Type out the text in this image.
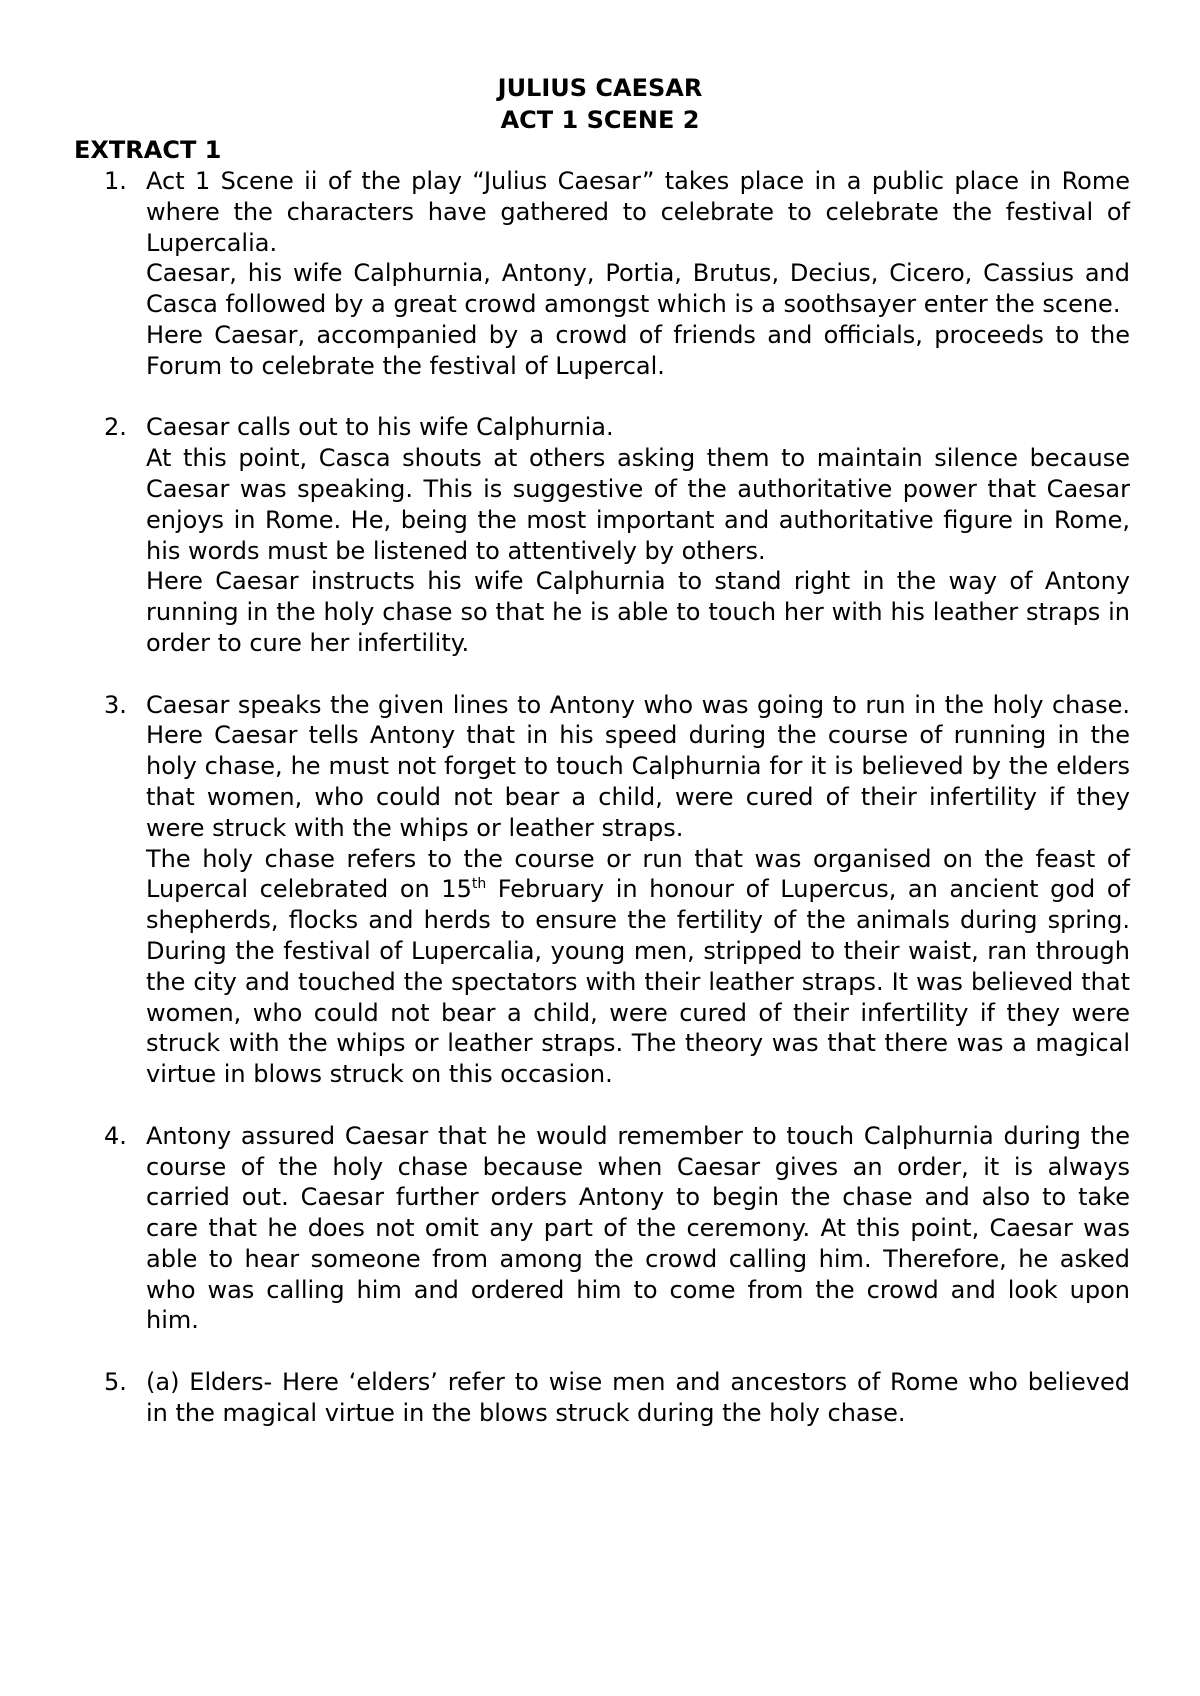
JULIUS CAESAR
ACT 1 SCENE 2
EXTRACT 1
1. Act 1 Scene ii of the play “Julius Caesar” takes place in a public place in Rome where the characters have gathered to celebrate to celebrate the festival of Lupercalia.

Caesar, his wife Calphurnia, Antony, Portia, Brutus, Decius, Cicero, Cassius and Casca followed by a great crowd amongst which is a soothsayer enter the scene.

Here Caesar, accompanied by a crowd of friends and officials, proceeds to the Forum to celebrate the festival of Lupercal.

2. Caesar calls out to his wife Calphurnia.

At this point, Casca shouts at others asking them to maintain silence because Caesar was speaking. This is suggestive of the authoritative power that Caesar enjoys in Rome. He, being the most important and authoritative figure in Rome, his words must be listened to attentively by others.

Here Caesar instructs his wife Calphurnia to stand right in the way of Antony running in the holy chase so that he is able to touch her with his leather straps in order to cure her infertility.

3. Caesar speaks the given lines to Antony who was going to run in the holy chase. Here Caesar tells Antony that in his speed during the course of running in the holy chase, he must not forget to touch Calphurnia for it is believed by the elders that women, who could not bear a child, were cured of their infertility if they were struck with the whips or leather straps.

The holy chase refers to the course or run that was organised on the feast of Lupercal celebrated on 15th February in honour of Lupercus, an ancient god of shepherds, flocks and herds to ensure the fertility of the animals during spring. During the festival of Lupercalia, young men, stripped to their waist, ran through the city and touched the spectators with their leather straps. It was believed that women, who could not bear a child, were cured of their infertility if they were struck with the whips or leather straps. The theory was that there was a magical virtue in blows struck on this occasion.

4. Antony assured Caesar that he would remember to touch Calphurnia during the course of the holy chase because when Caesar gives an order, it is always carried out. Caesar further orders Antony to begin the chase and also to take care that he does not omit any part of the ceremony. At this point, Caesar was able to hear someone from among the crowd calling him. Therefore, he asked who was calling him and ordered him to come from the crowd and look upon him.

5. (a) Elders- Here ‘elders’ refer to wise men and ancestors of Rome who believed in the magical virtue in the blows struck during the holy chase.
